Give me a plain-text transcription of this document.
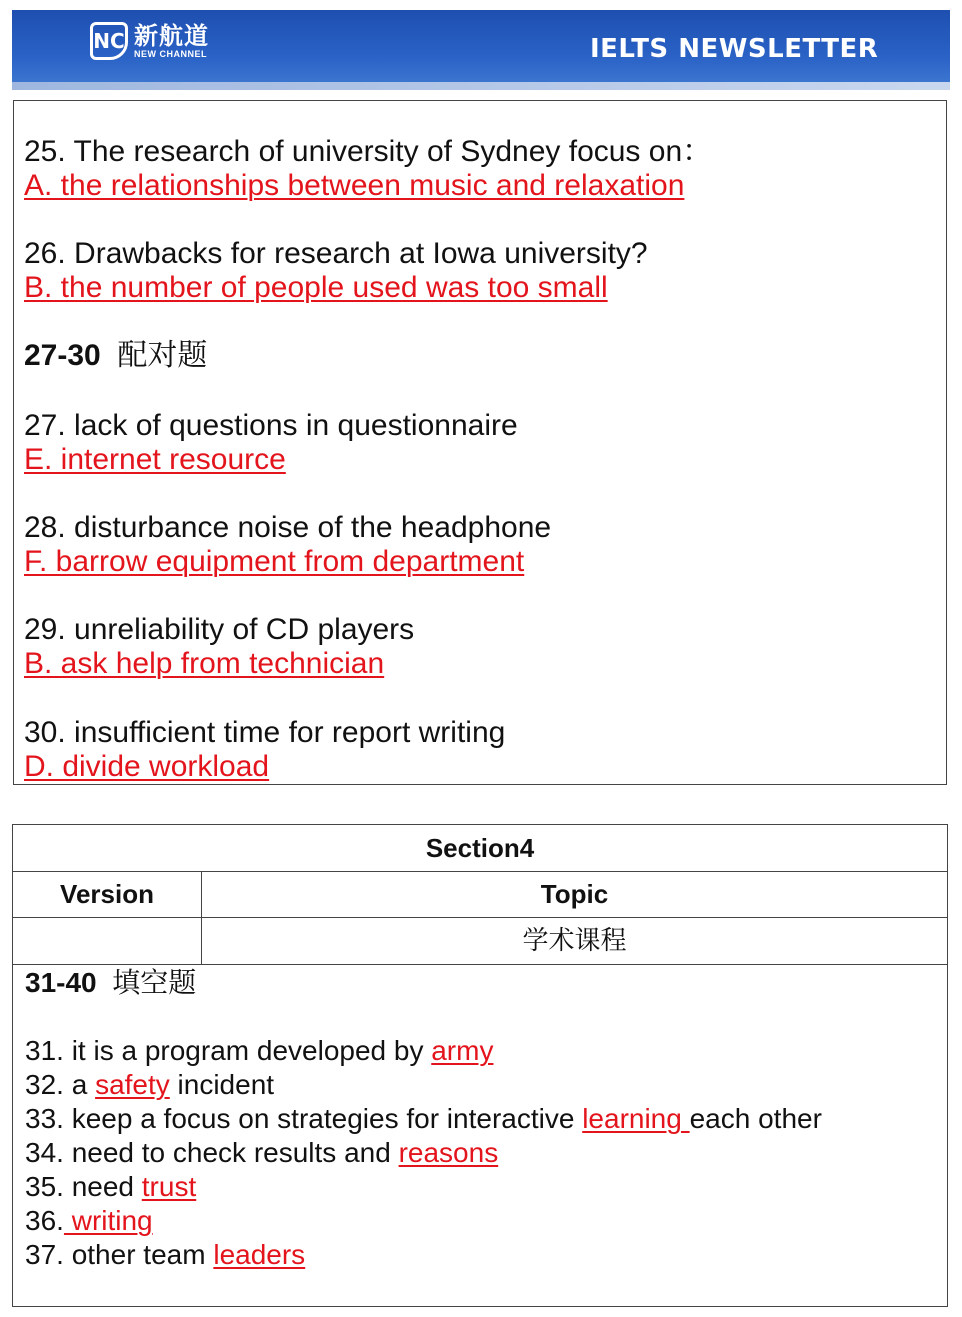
NC 新航道
NEW CHANNEL	IELTS NEWSLETTER
25. The research of university of Sydney focus on：
A. the relationships between music and relaxation
26. Drawbacks for research at Iowa university?
B. the number of people used was too small
27-30 配对题
27. lack of questions in questionnaire
E. internet resource
28. disturbance noise of the headphone
F. barrow equipment from department
29. unreliability of CD players
B. ask help from technician
30. insufficient time for report writing
D. divide workload
Section4
Version	Topic
学术课程
31-40 填空题
31. it is a program developed by army
32. a safety incident
33. keep a focus on strategies for interactive learning each other
34. need to check results and reasons
35. need trust
36. writing
37. other team leaders
